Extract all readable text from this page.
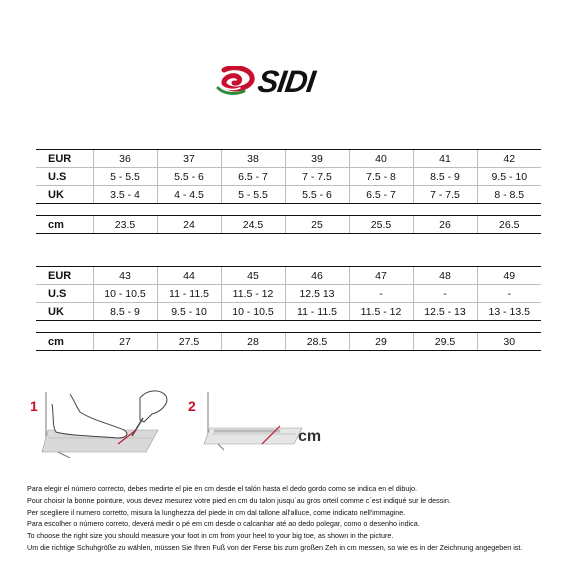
SIDI
EUR	36	37	38	39	40	41	42
U.S	5 - 5.5	5.5 - 6	6.5 - 7	7 - 7.5	7.5 - 8	8.5 - 9	9.5 - 10
UK	3.5 - 4	4 - 4.5	5 - 5.5	5.5 - 6	6.5 - 7	7 - 7.5	8 - 8.5
cm	23.5	24	24.5	25	25.5	26	26.5
EUR	43	44	45	46	47	48	49
U.S	10 - 10.5	11 - 11.5	11.5 - 12	12.5 13	-	-	-
UK	8.5 - 9	9.5 - 10	10 - 10.5	11 - 11.5	11.5 - 12	12.5 - 13	13 - 13.5
cm	27	27.5	28	28.5	29	29.5	30
1	2
cm

Para elegir el número correcto, debes medirte el pie en cm desde el talón hasta el dedo gordo como se indica en el dibujo.

Pour choisir la bonne pointure, vous devez mesurez votre pied en cm du talon jusqu´au gros orteil comme c´est indiqué sur le dessin.

Per scegliere il numero corretto, misura la lunghezza del piede in cm dal tallone all'alluce, come indicato nell'immagine.

Para escolher o número correto, deverá medir o pé em cm desde o calcanhar até ao dedo polegar, como o desenho indica.

To choose the right size you should measure your foot in cm from your heel to your big toe, as shown in the picture.

Um die richtige Schuhgröße zu wählen, müssen Sie Ihren Fuß von der Ferse bis zum großen Zeh in cm messen, so wie es in der Zeichnung angegeben ist.
